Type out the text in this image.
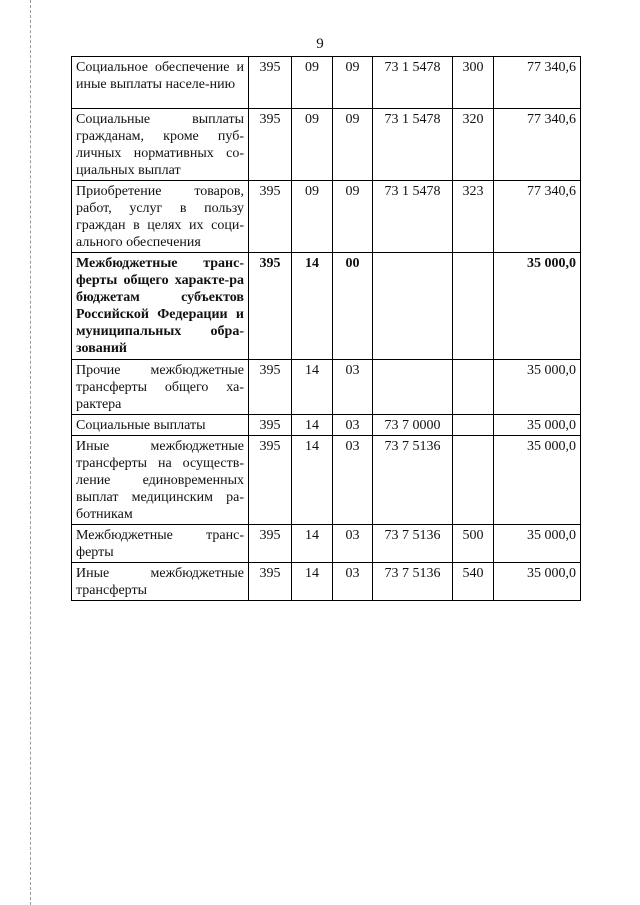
9
Социальное обеспечение и иные выплаты населе-нию	395	09	09	73 1 5478	300	77 340,6
Социальные выплаты гражданам, кроме пуб-личных нормативных со-циальных выплат	395	09	09	73 1 5478	320	77 340,6
Приобретение товаров, работ, услуг в пользу граждан в целях их соци-ального обеспечения	395	09	09	73 1 5478	323	77 340,6
Межбюджетные транс-ферты общего характе-ра бюджетам субъектов Российской Федерации и муниципальных обра-зований	395	14	00			35 000,0
Прочие межбюджетные трансферты общего ха-рактера	395	14	03			35 000,0
Социальные выплаты	395	14	03	73 7 0000		35 000,0
Иные межбюджетные трансферты на осуществ-ление единовременных выплат медицинским ра-ботникам	395	14	03	73 7 5136		35 000,0
Межбюджетные транс-ферты	395	14	03	73 7 5136	500	35 000,0
Иные межбюджетные трансферты	395	14	03	73 7 5136	540	35 000,0
